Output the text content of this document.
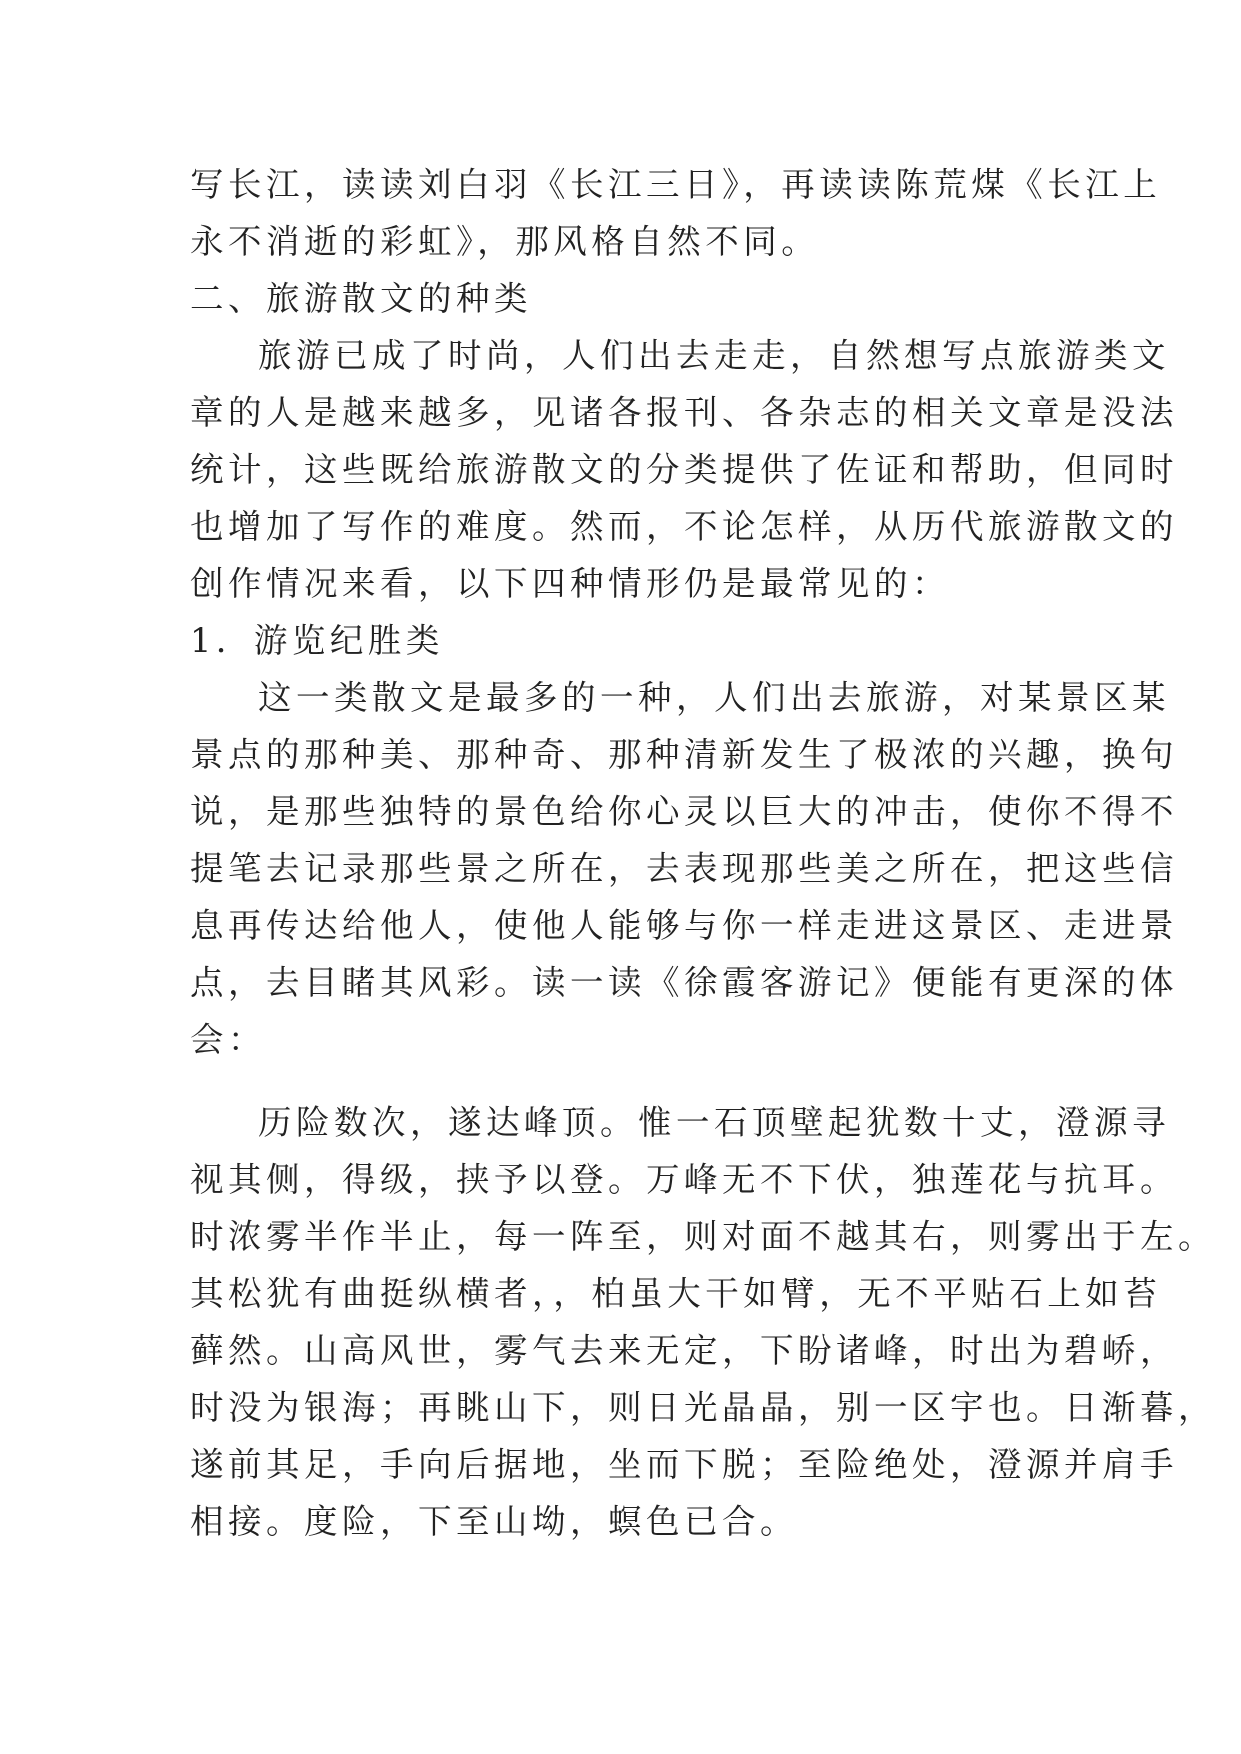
写长江，读读刘白羽《长江三日》，再读读陈荒煤《长江上
永不消逝的彩虹》，那风格自然不同。

二、旅游散文的种类

旅游已成了时尚，人们出去走走，自然想写点旅游类文
章的人是越来越多，见诸各报刊、各杂志的相关文章是没法
统计，这些既给旅游散文的分类提供了佐证和帮助，但同时
也增加了写作的难度。然而，不论怎样，从历代旅游散文的
创作情况来看，以下四种情形仍是最常见的：

1．游览纪胜类

这一类散文是最多的一种，人们出去旅游，对某景区某
景点的那种美、那种奇、那种清新发生了极浓的兴趣，换句
说，是那些独特的景色给你心灵以巨大的冲击，使你不得不
提笔去记录那些景之所在，去表现那些美之所在，把这些信
息再传达给他人，使他人能够与你一样走进这景区、走进景
点，去目睹其风彩。读一读《徐霞客游记》便能有更深的体
会：

历险数次，遂达峰顶。惟一石顶壁起犹数十丈，澄源寻
视其侧，得级，挟予以登。万峰无不下伏，独莲花与抗耳。
时浓雾半作半止，每一阵至，则对面不越其右，则雾出于左。
其松犹有曲挺纵横者，，柏虽大干如臂，无不平贴石上如苔
藓然。山高风世，雾气去来无定，下盼诸峰，时出为碧峤，
时没为银海；再眺山下，则日光晶晶，别一区宇也。日渐暮，
遂前其足，手向后据地，坐而下脱；至险绝处，澄源并肩手
相接。度险，下至山坳，螟色已合。
